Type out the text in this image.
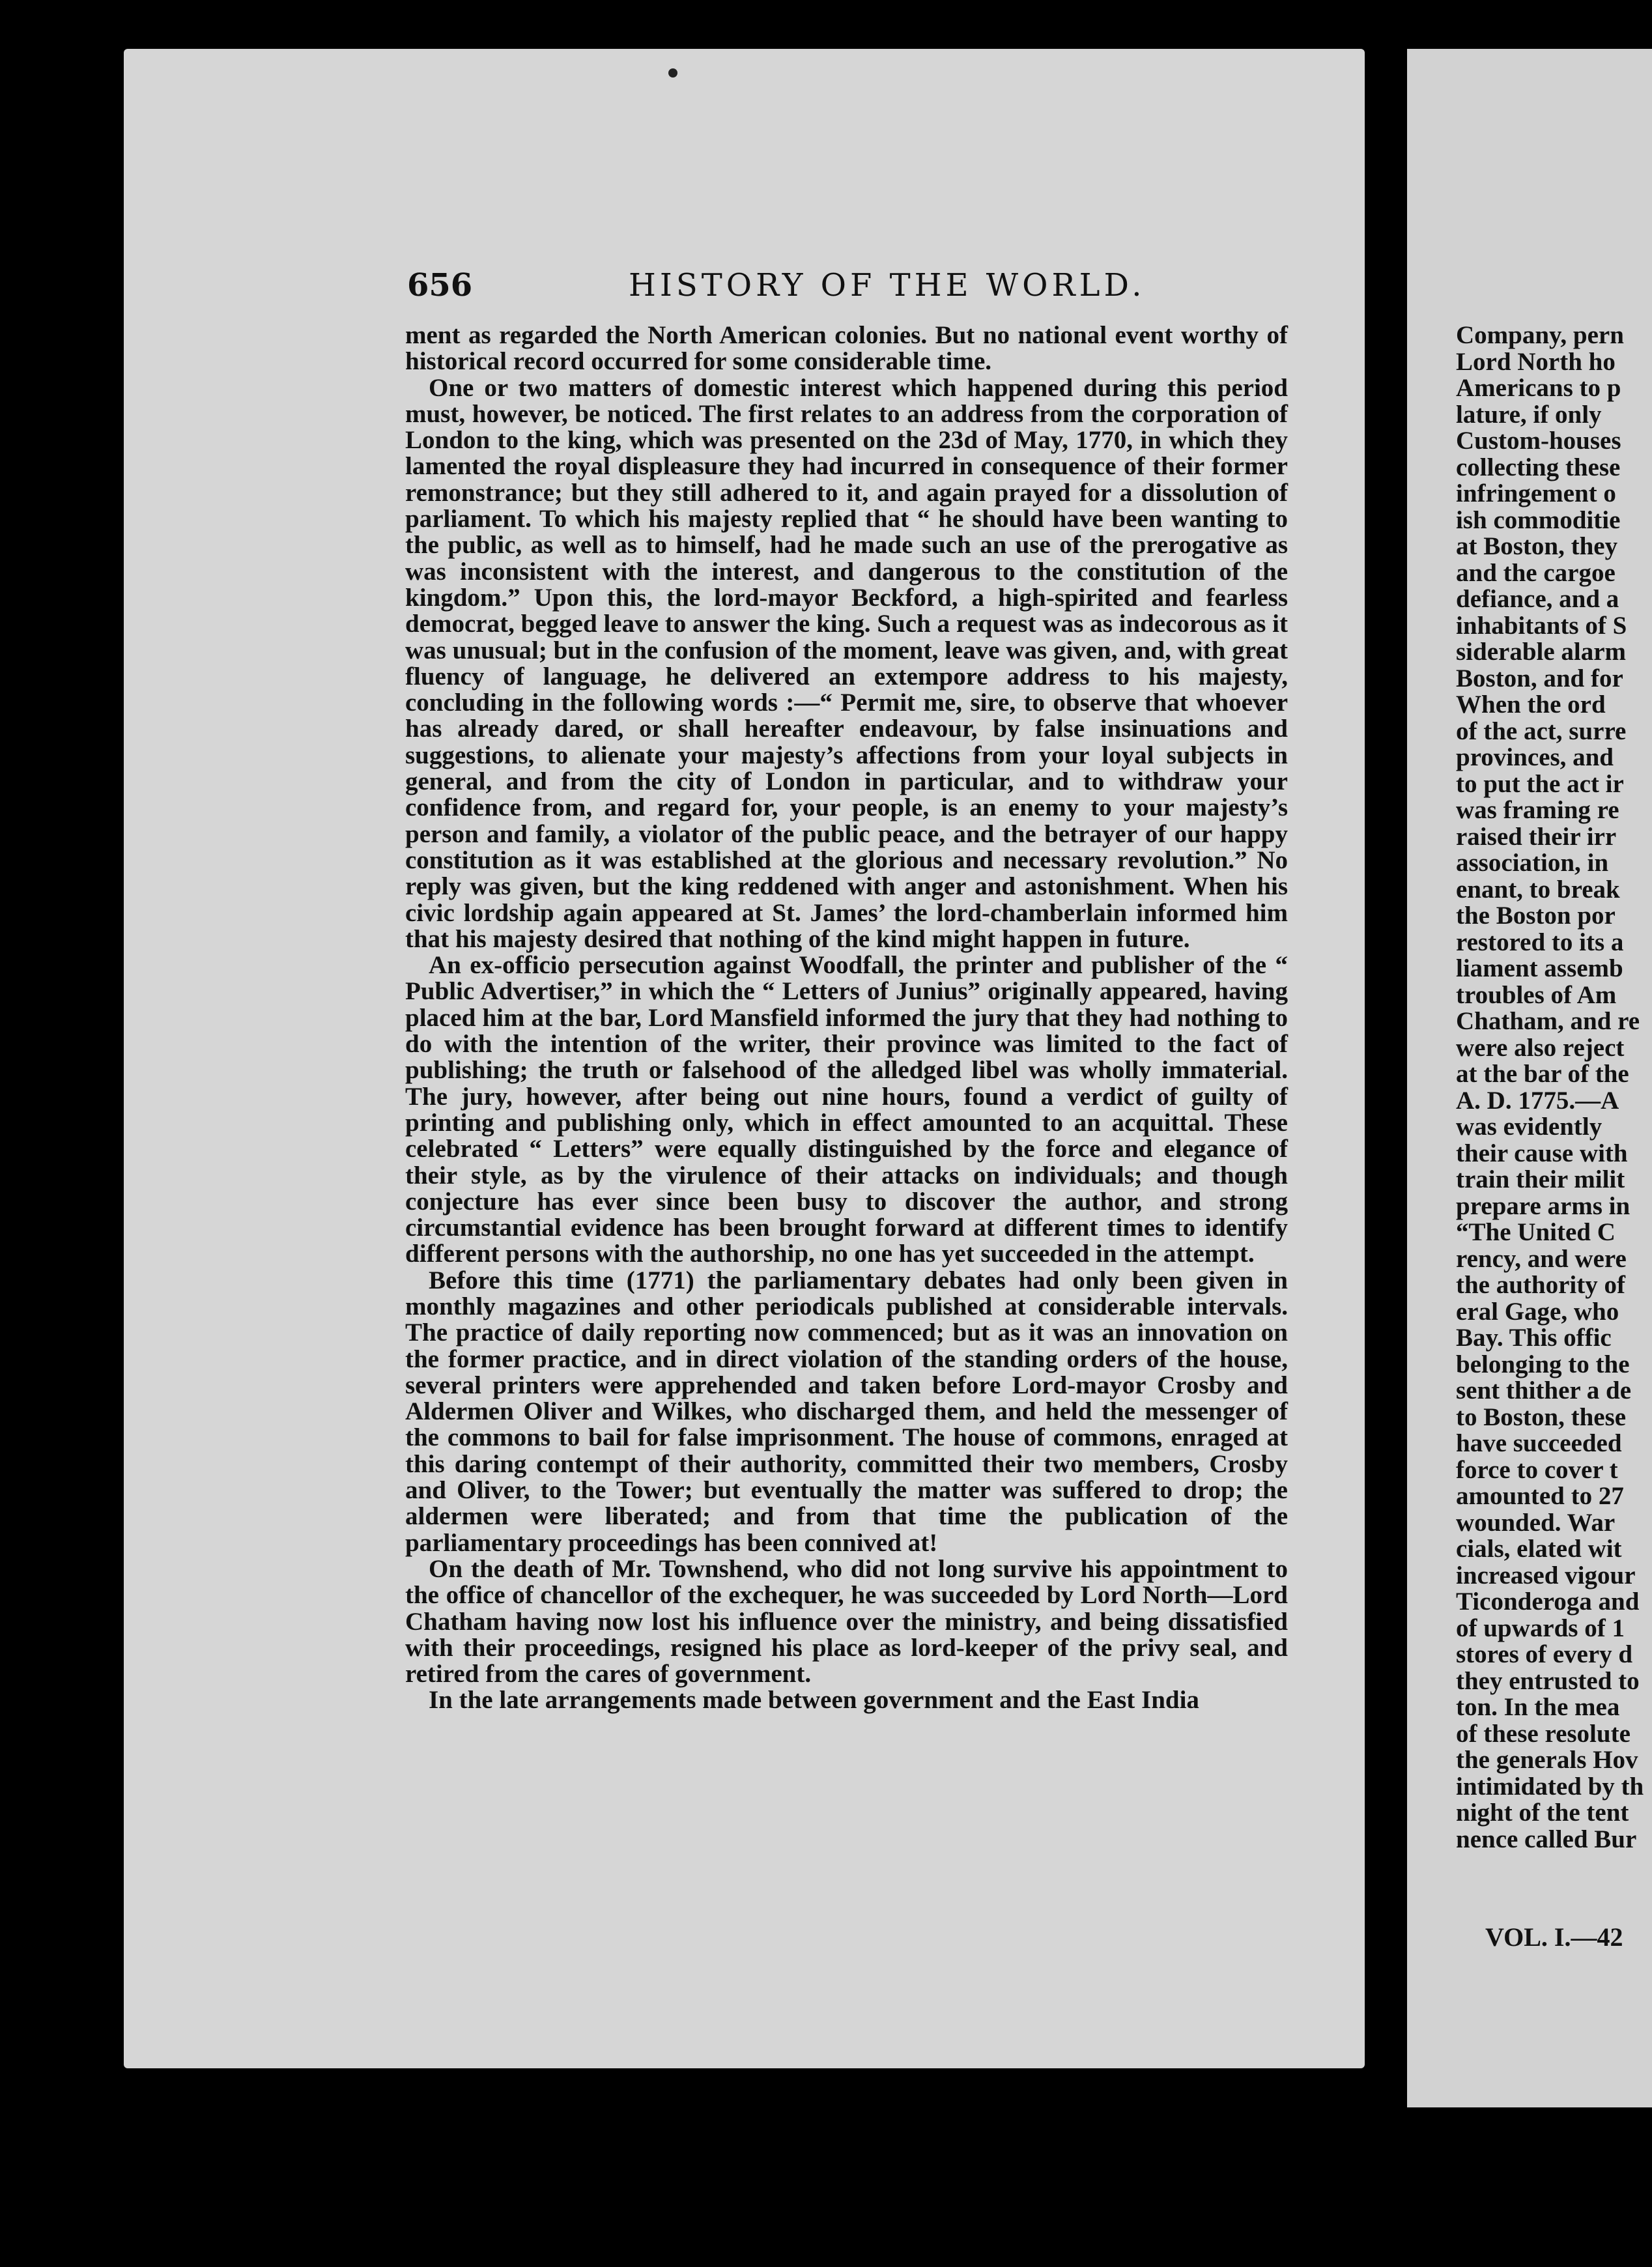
656	HISTORY OF THE WORLD.

ment as regarded the North American colonies. But no national event worthy of historical record occurred for some considerable time.

One or two matters of domestic interest which happened during this period must, however, be noticed. The first relates to an address from the corporation of London to the king, which was presented on the 23d of May, 1770, in which they lamented the royal displeasure they had incurred in consequence of their former remonstrance; but they still adhered to it, and again prayed for a dissolution of parliament. To which his majesty replied that “ he should have been wanting to the public, as well as to himself, had he made such an use of the prerogative as was inconsistent with the interest, and dangerous to the constitution of the kingdom.” Upon this, the lord-mayor Beckford, a high-spirited and fearless democrat, begged leave to answer the king. Such a request was as indecorous as it was unusual; but in the confusion of the moment, leave was given, and, with great fluency of language, he delivered an extempore address to his majesty, concluding in the following words :—“ Permit me, sire, to observe that whoever has already dared, or shall hereafter endeavour, by false insinuations and suggestions, to alienate your majesty’s affections from your loyal subjects in general, and from the city of London in particular, and to withdraw your confidence from, and regard for, your people, is an enemy to your majesty’s person and family, a violator of the public peace, and the betrayer of our happy constitution as it was established at the glorious and necessary revolution.” No reply was given, but the king reddened with anger and astonishment. When his civic lordship again appeared at St. James’ the lord-chamberlain informed him that his majesty desired that nothing of the kind might happen in future.

An ex-officio persecution against Woodfall, the printer and publisher of the “ Public Advertiser,” in which the “ Letters of Junius” originally appeared, having placed him at the bar, Lord Mansfield informed the jury that they had nothing to do with the intention of the writer, their province was limited to the fact of publishing; the truth or falsehood of the alledged libel was wholly immaterial. The jury, however, after being out nine hours, found a verdict of guilty of printing and publishing only, which in effect amounted to an acquittal. These celebrated “ Letters” were equally distinguished by the force and elegance of their style, as by the virulence of their attacks on individuals; and though conjecture has ever since been busy to discover the author, and strong circumstantial evidence has been brought forward at different times to identify different persons with the authorship, no one has yet succeeded in the attempt.

Before this time (1771) the parliamentary debates had only been given in monthly magazines and other periodicals published at considerable intervals. The practice of daily reporting now commenced; but as it was an innovation on the former practice, and in direct violation of the standing orders of the house, several printers were apprehended and taken before Lord-mayor Crosby and Aldermen Oliver and Wilkes, who discharged them, and held the messenger of the commons to bail for false imprisonment. The house of commons, enraged at this daring contempt of their authority, committed their two members, Crosby and Oliver, to the Tower; but eventually the matter was suffered to drop; the aldermen were liberated; and from that time the publication of the parliamentary proceedings has been connived at!

On the death of Mr. Townshend, who did not long survive his appointment to the office of chancellor of the exchequer, he was succeeded by Lord North—Lord Chatham having now lost his influence over the ministry, and being dissatisfied with their proceedings, resigned his place as lord-keeper of the privy seal, and retired from the cares of government.

In the late arrangements made between government and the East India

Company, pern
Lord North ho
Americans to p
lature, if only
Custom-houses
collecting these
infringement o
ish commoditie
at Boston, they
and the cargoe
defiance, and a
inhabitants of S
siderable alarm
Boston, and for
When the ord
of the act, surre
provinces, and
to put the act ir
was framing re
raised their irr
association, in
enant, to break
the Boston por
restored to its a
liament assemb
troubles of Am
Chatham, and re
were also reject
at the bar of the
A. D. 1775.—A
was evidently
their cause with
train their milit
prepare arms in
“The United C
rency, and were
the authority of
eral Gage, who
Bay. This offic
belonging to the
sent thither a de
to Boston, these
have succeeded
force to cover t
amounted to 27
wounded. War
cials, elated wit
increased vigour
Ticonderoga and
of upwards of 1
stores of every d
they entrusted to
ton. In the mea
of these resolute
the generals Hov
intimidated by th
night of the tent
nence called Bur
VOL. I.—42
